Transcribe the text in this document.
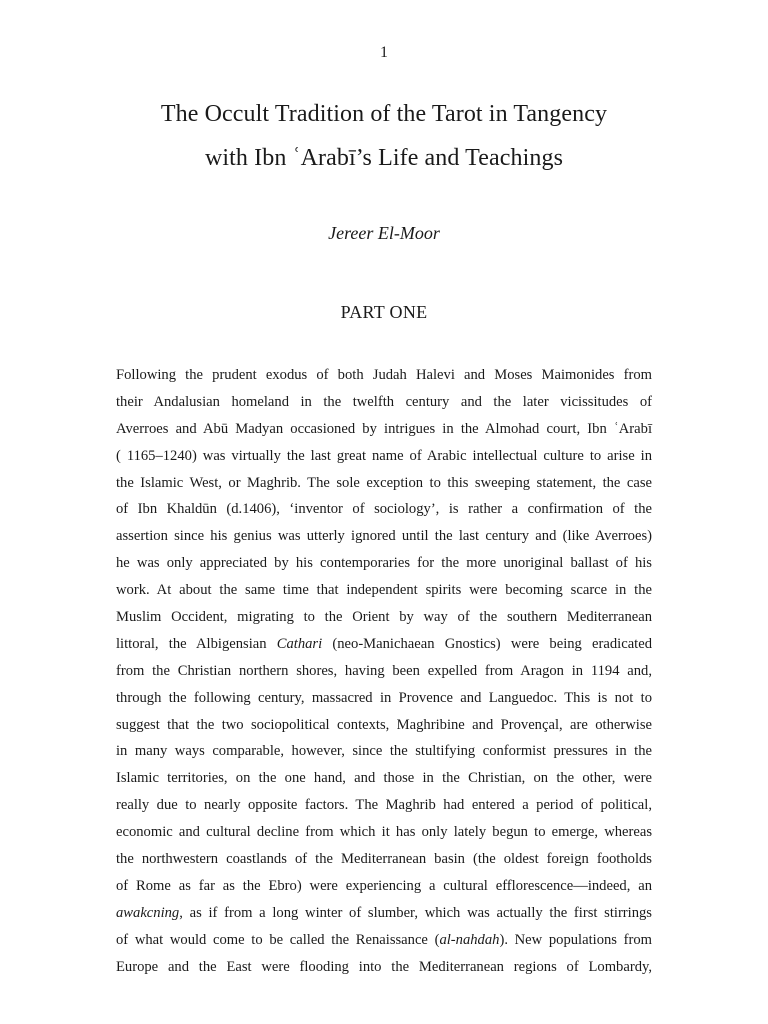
1
The Occult Tradition of the Tarot in Tangency
with Ibn ʿArabī’s Life and Teachings
Jereer El-Moor
PART ONE
Following the prudent exodus of both Judah Halevi and Moses Maimonides from
their Andalusian homeland in the twelfth century and the later vicissitudes of
Averroes and Abū Madyan occasioned by intrigues in the Almohad court, Ibn ʿArabī
( 1165–1240) was virtually the last great name of Arabic intellectual culture to arise in
the Islamic West, or Maghrib. The sole exception to this sweeping statement, the case
of Ibn Khaldūn (d.1406), ‘inventor of sociology’, is rather a confirmation of the
assertion since his genius was utterly ignored until the last century and (like Averroes)
he was only appreciated by his contemporaries for the more unoriginal ballast of his
work. At about the same time that independent spirits were becoming scarce in the
Muslim Occident, migrating to the Orient by way of the southern Mediterranean
littoral, the Albigensian Cathari (neo-Manichaean Gnostics) were being eradicated
from the Christian northern shores, having been expelled from Aragon in 1194 and,
through the following century, massacred in Provence and Languedoc. This is not to
suggest that the two sociopolitical contexts, Maghribine and Provençal, are otherwise
in many ways comparable, however, since the stultifying conformist pressures in the
Islamic territories, on the one hand, and those in the Christian, on the other, were
really due to nearly opposite factors. The Maghrib had entered a period of political,
economic and cultural decline from which it has only lately begun to emerge, whereas
the northwestern coastlands of the Mediterranean basin (the oldest foreign footholds
of Rome as far as the Ebro) were experiencing a cultural efflorescence—indeed, an
awakcning, as if from a long winter of slumber, which was actually the first stirrings
of what would come to be called the Renaissance (al-nahdah). New populations from
Europe and the East were flooding into the Mediterranean regions of Lombardy,
